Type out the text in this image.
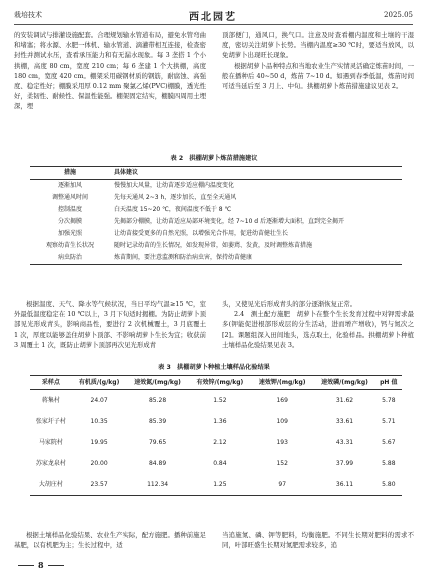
栽培技术	西北园艺	2025.05

的安装调试与排灌设施配套。合理规划输水管道布局，避免水管弯曲和堵塞；将水源、水肥一体机、输水管道、滴灌带相互连接，检查密封性并测试水压，查看承压能力和有无漏水现象。每 3 垄搭 1 个小拱棚，高度 80 cm，宽度 210 cm；每 6 垄建 1 个大拱棚，高度 180 cm，宽度 420 cm。棚架采用碳钢材质的钢筋，耐腐蚀、高强度、稳定性好；棚膜采用厚 0.12 mm 聚氯乙烯(PVC)棚膜，透光性好，柔韧性、耐候性、保温性能强。棚架固定结实，棚膜四周用土埋深，埋

顶部便门，通风口，换气口。注意及时查看棚内温度和土壤的干湿度，密切关注胡萝卜长势。当棚内温度≥30 ℃时，要适当放风，以免胡萝卜出现旺长现象。

根据胡萝卜品种特点和当地农业生产实情灵活确定炼苗时间，一般在播种后 40~50 d，炼苗 7~10 d。如遇到春季低温，炼苗时间可适当延后至 3 月上、中旬。拱棚胡萝卜炼苗措施建议见表 2。

表 2　拱棚胡萝卜炼苗措施建议
措施	具体建议
逐渐加风	慢慢加大风量，让幼苗逐步适应棚内温度变化
调整通风时间	先每天通风 2~3 h，逐步加长，直至全天通风
控制温度	白天温度 15~20 ℃，夜间温度不低于 8 ℃
分次揭膜	先揭部分棚膜，让幼苗适应局部环境变化，经 7~10 d 后逐渐增大面积，直到完全揭开
加强光照	让幼苗接受更多的自然光照，以增强光合作用，促进幼苗健壮生长
观察幼苗生长状况	随时记录幼苗的生长情况，如发现异常，如萎蔫、发黄，及时调整炼苗措施
病虫防治	炼苗期间，要注意监测和防治病虫害，保持幼苗健康

根据温度、天气、降水等气候状况，当日平均气温≥15 ℃，室外最低温度稳定在 10 ℃以上，3 月下旬适时揭棚。为防止胡萝卜顶部见光形成青头，影响商品性，要进行 2 次机械覆土，3 月底覆土 1 次，厚度以能够盖住胡萝卜顶部、不影响胡萝卜生长为宜；收获前 3 周覆土 1 次，既防止胡萝卜顶部再次见光形成青

头，又使见光后形成青头的部分逐渐恢复正常。

2.4　测土配方施肥　胡萝卜在整个生长发育过程中对钾需求最多(钾能促进根部形成层的分生活动，进而增产增收)，钙与氮次之[2]。课题组深入田间地头，选点取土，化验样品。拱棚胡萝卜种植土壤样品化验结果见表 3。

表 3　拱棚胡萝卜种植土壤样品化验结果
采样点	有机质/(g/kg)	速效氮/(mg/kg)	有效锌/(mg/kg)	速效钾/(mg/kg)	速效磷/(mg/kg)	pH 值
蒋集村	24.07	85.28	1.52	169	31.62	5.78
张家圩子村	10.35	85.39	1.36	109	33.61	5.71
马家院村	19.95	79.65	2.12	193	43.31	5.67
苏家龙泉村	20.00	84.89	0.84	152	37.99	5.88
大胡庄村	23.57	112.34	1.25	97	36.11	5.80

根据土壤样品化验结果、农业生产实际，配方施肥。播种前施足基肥，以有机肥为主；生长过程中，适

当追施氮、磷、钾等肥料，均衡施肥。不同生长期对肥料的需求不同，叶部旺盛生长期对氮肥需求较多，追

8
